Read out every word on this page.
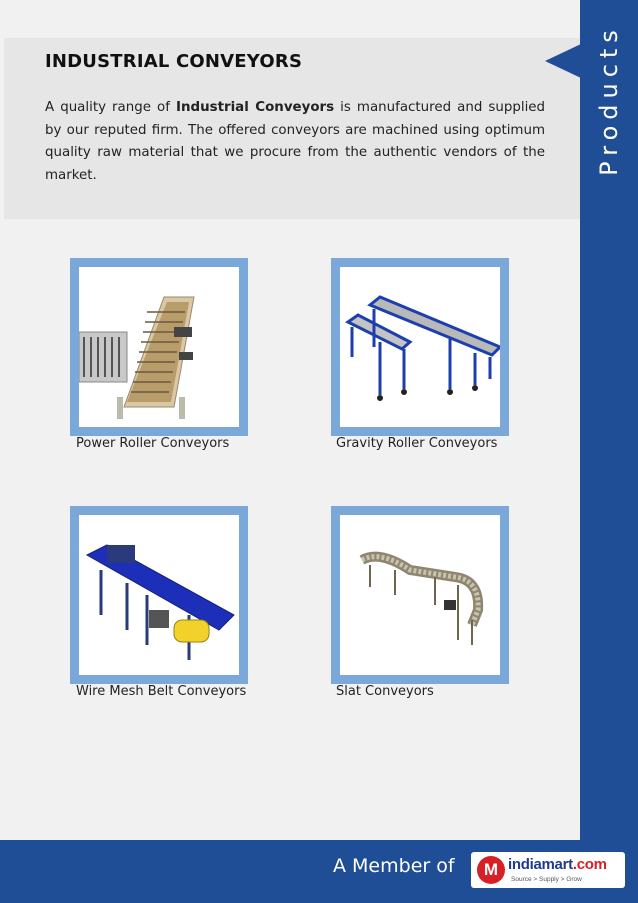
Products
INDUSTRIAL CONVEYORS
A quality range of Industrial Conveyors is manufactured and supplied by our reputed firm. The offered conveyors are machined using optimum quality raw material that we procure from the authentic vendors of the market.
Power Roller Conveyors	Gravity Roller Conveyors
Wire Mesh Belt Conveyors	Slat Conveyors
A Member of	M indiamart.com
Source > Supply > Grow
